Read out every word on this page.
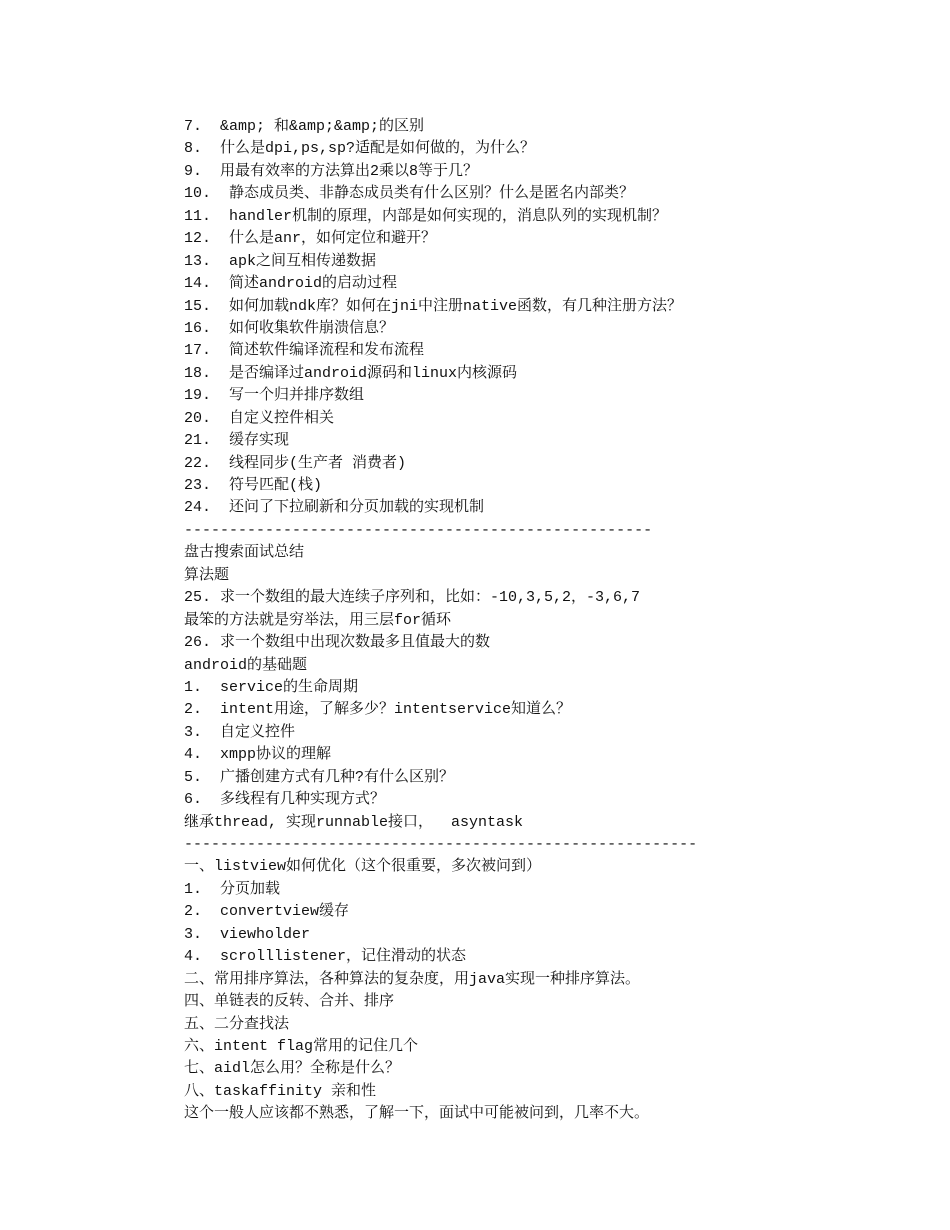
7.  &amp; 和&amp;&amp;的区别
8.  什么是dpi,ps,sp?适配是如何做的，为什么？
9.  用最有效率的方法算出2乘以8等于几？
10.  静态成员类、非静态成员类有什么区别？什么是匿名内部类？
11.  handler机制的原理，内部是如何实现的，消息队列的实现机制？
12.  什么是anr，如何定位和避开？
13.  apk之间互相传递数据
14.  简述android的启动过程
15.  如何加载ndk库？如何在jni中注册native函数，有几种注册方法？
16.  如何收集软件崩溃信息？
17.  简述软件编译流程和发布流程
18.  是否编译过android源码和linux内核源码
19.  写一个归并排序数组
20.  自定义控件相关
21.  缓存实现
22.  线程同步(生产者 消费者)
23.  符号匹配(栈)
24.  还问了下拉刷新和分页加载的实现机制
----------------------------------------------------
盘古搜索面试总结
算法题
25. 求一个数组的最大连续子序列和，比如：-10,3,5,2，-3,6,7
最笨的方法就是穷举法，用三层for循环
26. 求一个数组中出现次数最多且值最大的数
android的基础题
1.  service的生命周期
2.  intent用途，了解多少？intentservice知道么？
3.  自定义控件
4.  xmpp协议的理解
5.  广播创建方式有几种?有什么区别？
6.  多线程有几种实现方式？
继承thread, 实现runnable接口，  asyntask
---------------------------------------------------------
一、listview如何优化（这个很重要，多次被问到）
1.  分页加载
2.  convertview缓存
3.  viewholder
4.  scrolllistener，记住滑动的状态
二、常用排序算法，各种算法的复杂度，用java实现一种排序算法。
四、单链表的反转、合并、排序
五、二分查找法
六、intent flag常用的记住几个
七、aidl怎么用？全称是什么？
八、taskaffinity 亲和性
这个一般人应该都不熟悉，了解一下，面试中可能被问到，几率不大。
